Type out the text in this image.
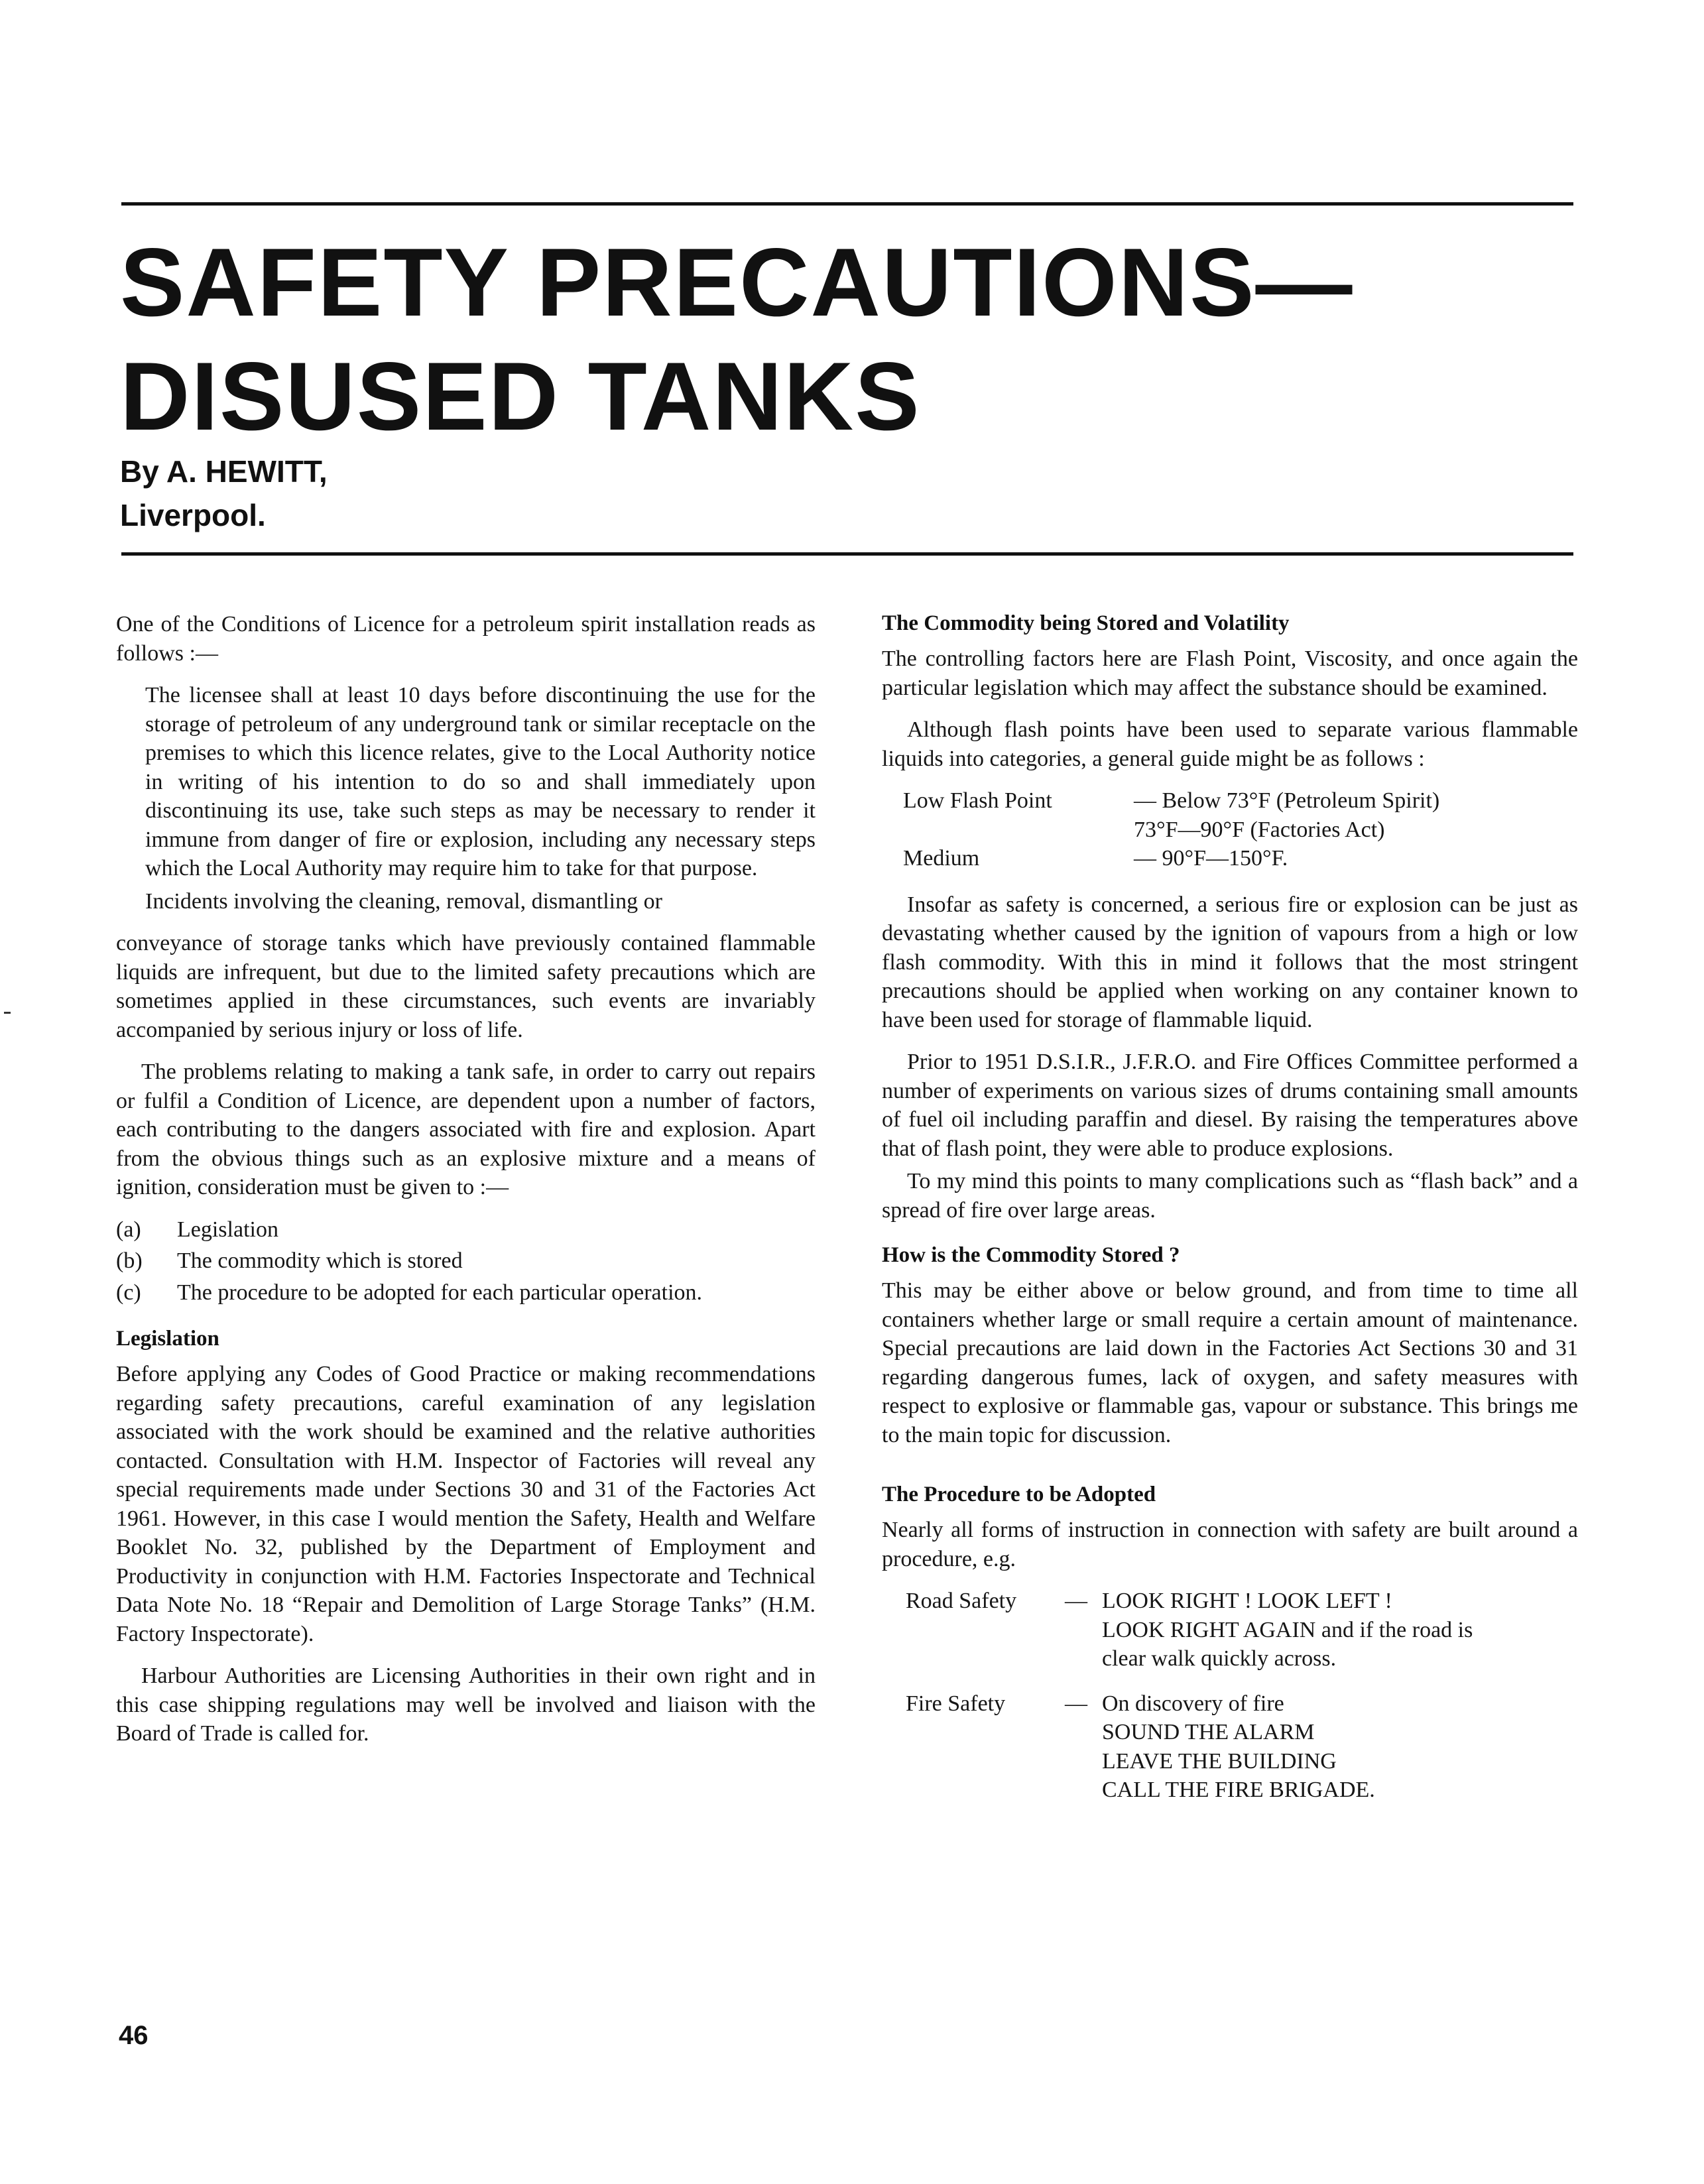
SAFETY PRECAUTIONS—
DISUSED TANKS
By A. HEWITT,
Liverpool.

One of the Conditions of Licence for a petroleum spirit installation reads as follows :—

The licensee shall at least 10 days before discontinuing the use for the storage of petroleum of any underground tank or similar receptacle on the premises to which this licence relates, give to the Local Authority notice in writing of his intention to do so and shall immediately upon discontinuing its use, take such steps as may be necessary to render it immune from danger of fire or explosion, including any necessary steps which the Local Authority may require him to take for that purpose.

Incidents involving the cleaning, removal, dismantling or

conveyance of storage tanks which have previously contained flammable liquids are infrequent, but due to the limited safety precautions which are sometimes applied in these circumstances, such events are invariably accompanied by serious injury or loss of life.

The problems relating to making a tank safe, in order to carry out repairs or fulfil a Condition of Licence, are dependent upon a number of factors, each contributing to the dangers associated with fire and explosion. Apart from the obvious things such as an explosive mixture and a means of ignition, consideration must be given to :—

(a)	Legislation
(b)	The commodity which is stored
(c)	The procedure to be adopted for each particular operation.
Legislation

Before applying any Codes of Good Practice or making recommendations regarding safety precautions, careful examination of any legislation associated with the work should be examined and the relative authorities contacted. Consultation with H.M. Inspector of Factories will reveal any special requirements made under Sections 30 and 31 of the Factories Act 1961. However, in this case I would mention the Safety, Health and Welfare Booklet No. 32, published by the Department of Employment and Productivity in conjunction with H.M. Factories Inspectorate and Technical Data Note No. 18 “Repair and Demolition of Large Storage Tanks” (H.M. Factory Inspectorate).

Harbour Authorities are Licensing Authorities in their own right and in this case shipping regulations may well be involved and liaison with the Board of Trade is called for.

The Commodity being Stored and Volatility

The controlling factors here are Flash Point, Viscosity, and once again the particular legislation which may affect the substance should be examined.

Although flash points have been used to separate various flammable liquids into categories, a general guide might be as follows :

Low Flash Point	— Below 73°F (Petroleum Spirit)
73°F—90°F (Factories Act)
Medium	— 90°F—150°F.

Insofar as safety is concerned, a serious fire or explosion can be just as devastating whether caused by the ignition of vapours from a high or low flash commodity. With this in mind it follows that the most stringent precautions should be applied when working on any container known to have been used for storage of flammable liquid.

Prior to 1951 D.S.I.R., J.F.R.O. and Fire Offices Committee performed a number of experiments on various sizes of drums containing small amounts of fuel oil including paraffin and diesel. By raising the temperatures above that of flash point, they were able to produce explosions.

To my mind this points to many complications such as “flash back” and a spread of fire over large areas.

How is the Commodity Stored ?

This may be either above or below ground, and from time to time all containers whether large or small require a certain amount of maintenance. Special precautions are laid down in the Factories Act Sections 30 and 31 regarding dangerous fumes, lack of oxygen, and safety measures with respect to explosive or flammable gas, vapour or substance. This brings me to the main topic for discussion.

The Procedure to be Adopted

Nearly all forms of instruction in connection with safety are built around a procedure, e.g.

Road Safety	— LOOK RIGHT ! LOOK LEFT !
LOOK RIGHT AGAIN and if the road is
clear walk quickly across.
Fire Safety	— On discovery of fire
SOUND THE ALARM
LEAVE THE BUILDING
CALL THE FIRE BRIGADE.
46
